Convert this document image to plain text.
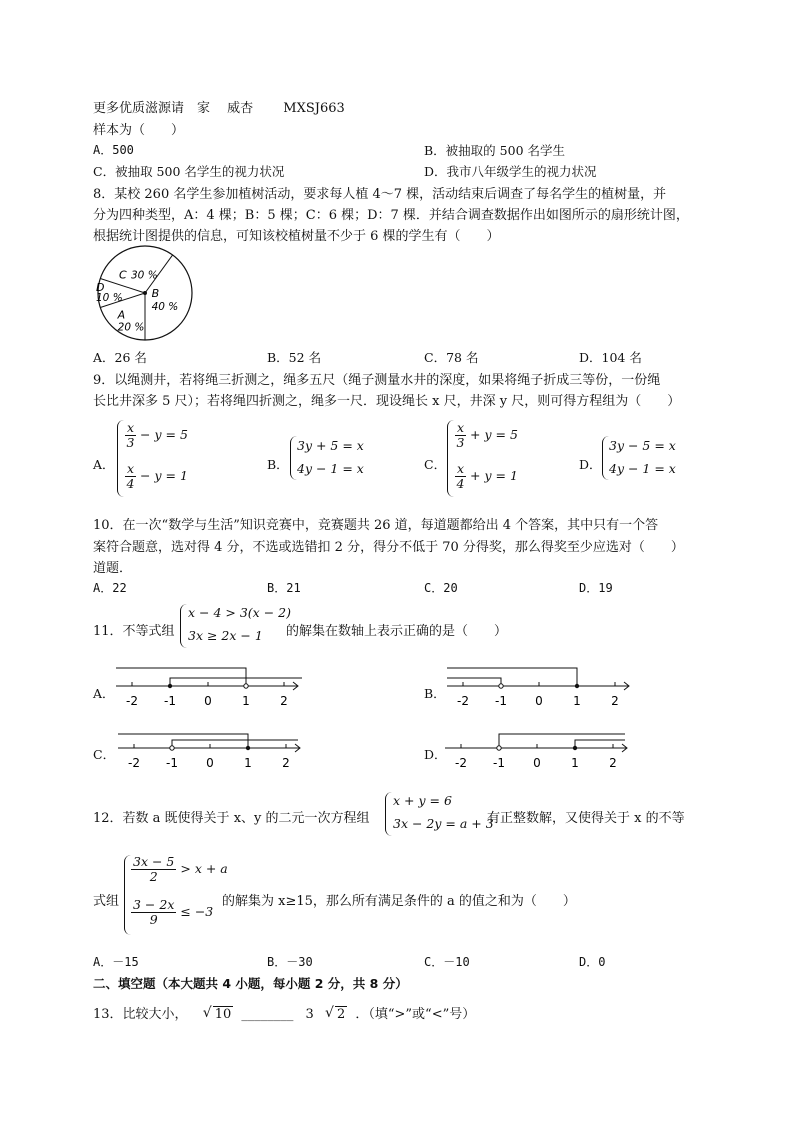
更多优质滋源请　家　 威杏　　 MXSJ663
样本为（　　）
A．500	B．被抽取的 500 名学生
C．被抽取 500 名学生的视力状况	D．我市八年级学生的视力状况
8．某校 260 名学生参加植树活动，要求每人植 4～7 棵，活动结束后调查了每名学生的植树量，并
分为四种类型，A：4 棵；B：5 棵；C：6 棵；D：7 棵．并结合调查数据作出如图所示的扇形统计图，
根据统计图提供的信息，可知该校植树量不少于 6 棵的学生有（　　）
C 30 %
B
40 %
A
20 %
D
10 %
A．26 名	B．52 名	C．78 名	D．104 名
9．以绳测井，若将绳三折测之，绳多五尺（绳子测量水井的深度，如果将绳子折成三等份，一份绳
长比井深多 5 尺）；若将绳四折测之，绳多一尺．现设绳长 x 尺，井深 y 尺，则可得方程组为（　　）
A．
$\frac{x}{3} - y = 5$
$\frac{x}{4} - y = 1$
B．
3y + 5 = x
4y − 1 = x	C．
$\frac{x}{3} + y = 5$
$\frac{x}{4} + y = 1$
D．
3y − 5 = x
4y − 1 = x
10．在一次“数学与生活”知识竞赛中，竞赛题共 26 道，每道题都给出 4 个答案，其中只有一个答
案符合题意，选对得 4 分，不选或选错扣 2 分，得分不低于 70 分得奖，那么得奖至少应选对（　　）
道题．
A．22	B．21	C．20	D．19
11．不等式组
x − 4 > 3(x − 2)
3x ≥ 2x − 1 的解集在数轴上表示正确的是（　　）
A． -2 -1 0	1	2	B． -2 -1 0	1	2
C．
-2 -1 0	1	2
D．
-2 -1 0	1	2
12．若数 a 既使得关于 x、y 的二元一次方程组
x + y = 6
3x − 2y = a + 3
有正整数解，又使得关于 x 的不等
式组
$\frac{3x - 5}{2} > x + a$
$\frac{3 - 2x}{9} \le -3$
的解集为 x≥15，那么所有满足条件的 a 的值之和为（　　）
A．－15	B．－30	C．－10	D．0
二、填空题（本大题共 4 小题，每小题 2 分，共 8 分）
13．比较大小， √ 10 ________ 3 √ 2 ．（填“>”或“<”号）
